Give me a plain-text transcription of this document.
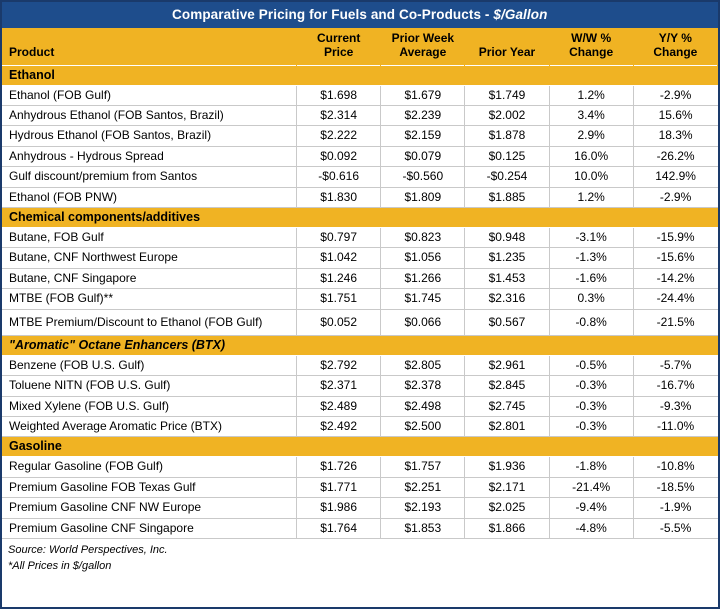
Comparative Pricing for Fuels and Co-Products - $/Gallon					
Product	Current Price	Prior Week Average	Prior Year	W/W % Change	Y/Y % Change
Ethanol					
Ethanol (FOB Gulf)	$1.698	$1.679	$1.749	1.2%	-2.9%
Anhydrous Ethanol (FOB Santos, Brazil)	$2.314	$2.239	$2.002	3.4%	15.6%
Hydrous Ethanol (FOB Santos, Brazil)	$2.222	$2.159	$1.878	2.9%	18.3%
Anhydrous - Hydrous Spread	$0.092	$0.079	$0.125	16.0%	-26.2%
Gulf discount/premium from Santos	-$0.616	-$0.560	-$0.254	10.0%	142.9%
Ethanol (FOB PNW)	$1.830	$1.809	$1.885	1.2%	-2.9%
Chemical components/additives					
Butane, FOB Gulf	$0.797	$0.823	$0.948	-3.1%	-15.9%
Butane, CNF Northwest Europe	$1.042	$1.056	$1.235	-1.3%	-15.6%
Butane, CNF Singapore	$1.246	$1.266	$1.453	-1.6%	-14.2%
MTBE (FOB Gulf)**	$1.751	$1.745	$2.316	0.3%	-24.4%
MTBE Premium/Discount to Ethanol (FOB Gulf)	$0.052	$0.066	$0.567	-0.8%	-21.5%
"Aromatic" Octane Enhancers (BTX)					
Benzene (FOB U.S. Gulf)	$2.792	$2.805	$2.961	-0.5%	-5.7%
Toluene NITN (FOB U.S. Gulf)	$2.371	$2.378	$2.845	-0.3%	-16.7%
Mixed Xylene (FOB U.S. Gulf)	$2.489	$2.498	$2.745	-0.3%	-9.3%
Weighted Average Aromatic Price (BTX)	$2.492	$2.500	$2.801	-0.3%	-11.0%
Gasoline					
Regular Gasoline (FOB Gulf)	$1.726	$1.757	$1.936	-1.8%	-10.8%
Premium Gasoline FOB Texas Gulf	$1.771	$2.251	$2.171	-21.4%	-18.5%
Premium Gasoline CNF NW Europe	$1.986	$2.193	$2.025	-9.4%	-1.9%
Premium Gasoline CNF Singapore	$1.764	$1.853	$1.866	-4.8%	-5.5%
Source: World Perspectives, Inc.
*All Prices in $/gallon
